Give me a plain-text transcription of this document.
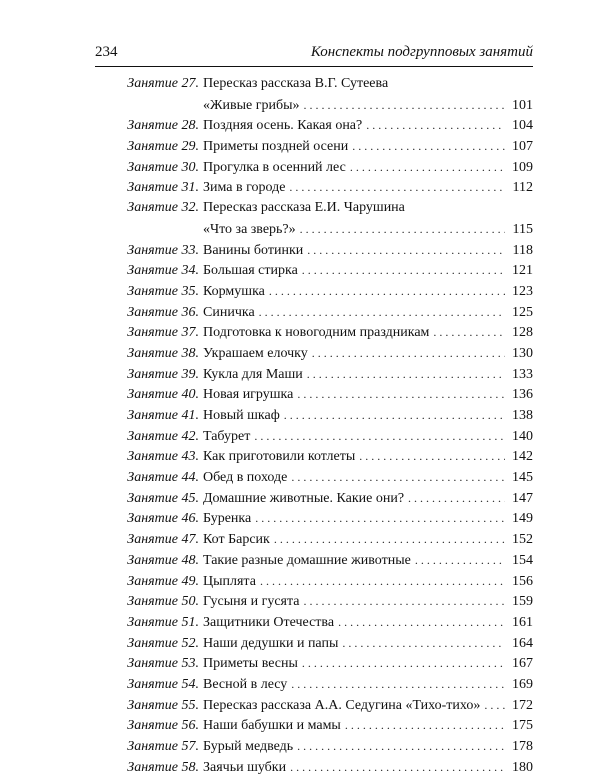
234	Конспекты подгрупповых занятий
Занятие 27. Пересказ рассказа В.Г. Сутеева
«Живые грибы» . . .	101
Занятие 28. Поздняя осень. Какая она? . . .	104
Занятие 29. Приметы поздней осени . . .	107
Занятие 30. Прогулка в осенний лес . . .	109
Занятие 31. Зима в городе . . .	112
Занятие 32. Пересказ рассказа Е.И. Чарушина
«Что за зверь?» . . .	115
Занятие 33. Ванины ботинки . . .	118
Занятие 34. Большая стирка . . .	121
Занятие 35. Кормушка . . .	123
Занятие 36. Синичка . . .	125
Занятие 37. Подготовка к новогодним праздникам . . .	128
Занятие 38. Украшаем елочку . . .	130
Занятие 39. Кукла для Маши . . .	133
Занятие 40. Новая игрушка . . .	136
Занятие 41. Новый шкаф . . .	138
Занятие 42. Табурет . . .	140
Занятие 43. Как приготовили котлеты . . .	142
Занятие 44. Обед в походе . . .	145
Занятие 45. Домашние животные. Какие они? . . .	147
Занятие 46. Буренка . . .	149
Занятие 47. Кот Барсик . . .	152
Занятие 48. Такие разные домашние животные . . .	154
Занятие 49. Цыплята . . .	156
Занятие 50. Гусыня и гусята . . .	159
Занятие 51. Защитники Отечества . . .	161
Занятие 52. Наши дедушки и папы . . .	164
Занятие 53. Приметы весны . . .	167
Занятие 54. Весной в лесу . . .	169
Занятие 55. Пересказ рассказа А.А. Седугина «Тихо-тихо» . . . 172
Занятие 56. Наши бабушки и мамы . . .	175
Занятие 57. Бурый медведь . . .	178
Занятие 58. Заячьи шубки . . .	180
